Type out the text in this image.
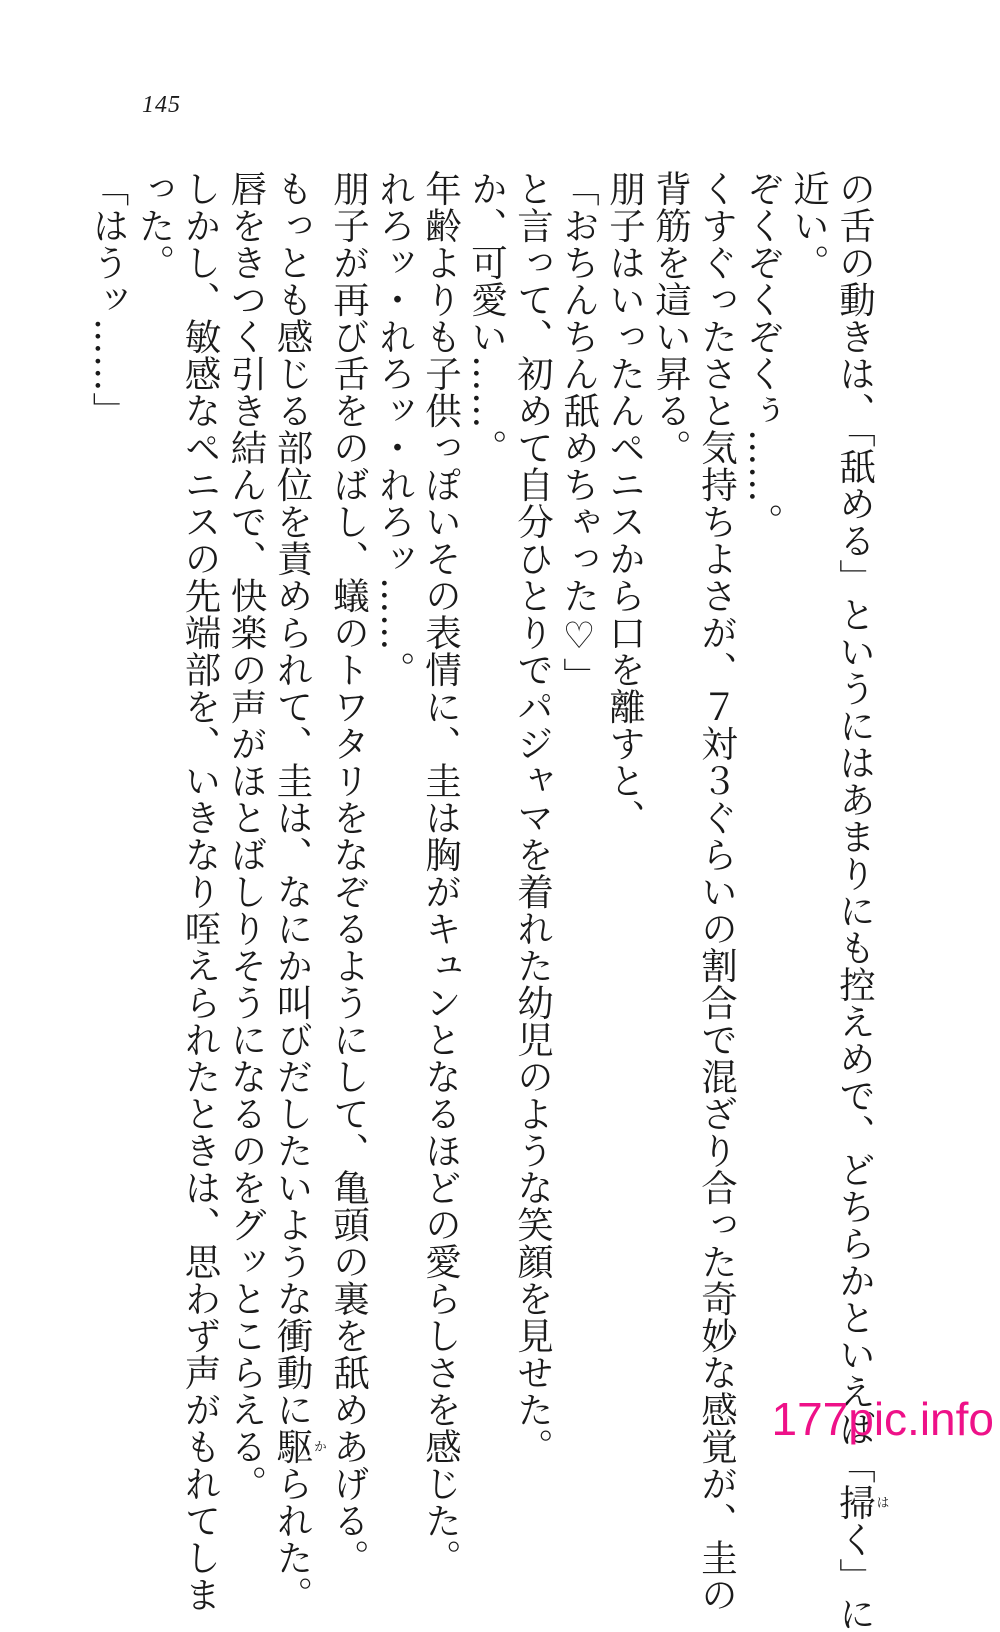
145
の舌の動きは、「舐める」というにはあまりにも控えめで、どちらかといえば「掃はく」に
近い。
ぞくぞくぞくぅ……。
くすぐったさと気持ちよさが、７対３ぐらいの割合で混ざり合った奇妙な感覚が、圭の
背筋を這い昇る。
朋子はいったんペニスから口を離すと、
「おちんちん舐めちゃった♡」
と言って、初めて自分ひとりでパジャマを着れた幼児のような笑顔を見せた。
か、可愛い……。
年齢よりも子供っぽいその表情に、圭は胸がキュンとなるほどの愛らしさを感じた。
れろッ・れろッ・れろッ……。
朋子が再び舌をのばし、蟻のトワタリをなぞるようにして、亀頭の裏を舐めあげる。
もっとも感じる部位を責められて、圭は、なにか叫びだしたいような衝動に駆かられた。
唇をきつく引き結んで、快楽の声がほとばしりそうになるのをグッとこらえる。
しかし、敏感なペニスの先端部を、いきなり咥えられたときは、思わず声がもれてしま
った。
「はうッ……」
177pic.info
